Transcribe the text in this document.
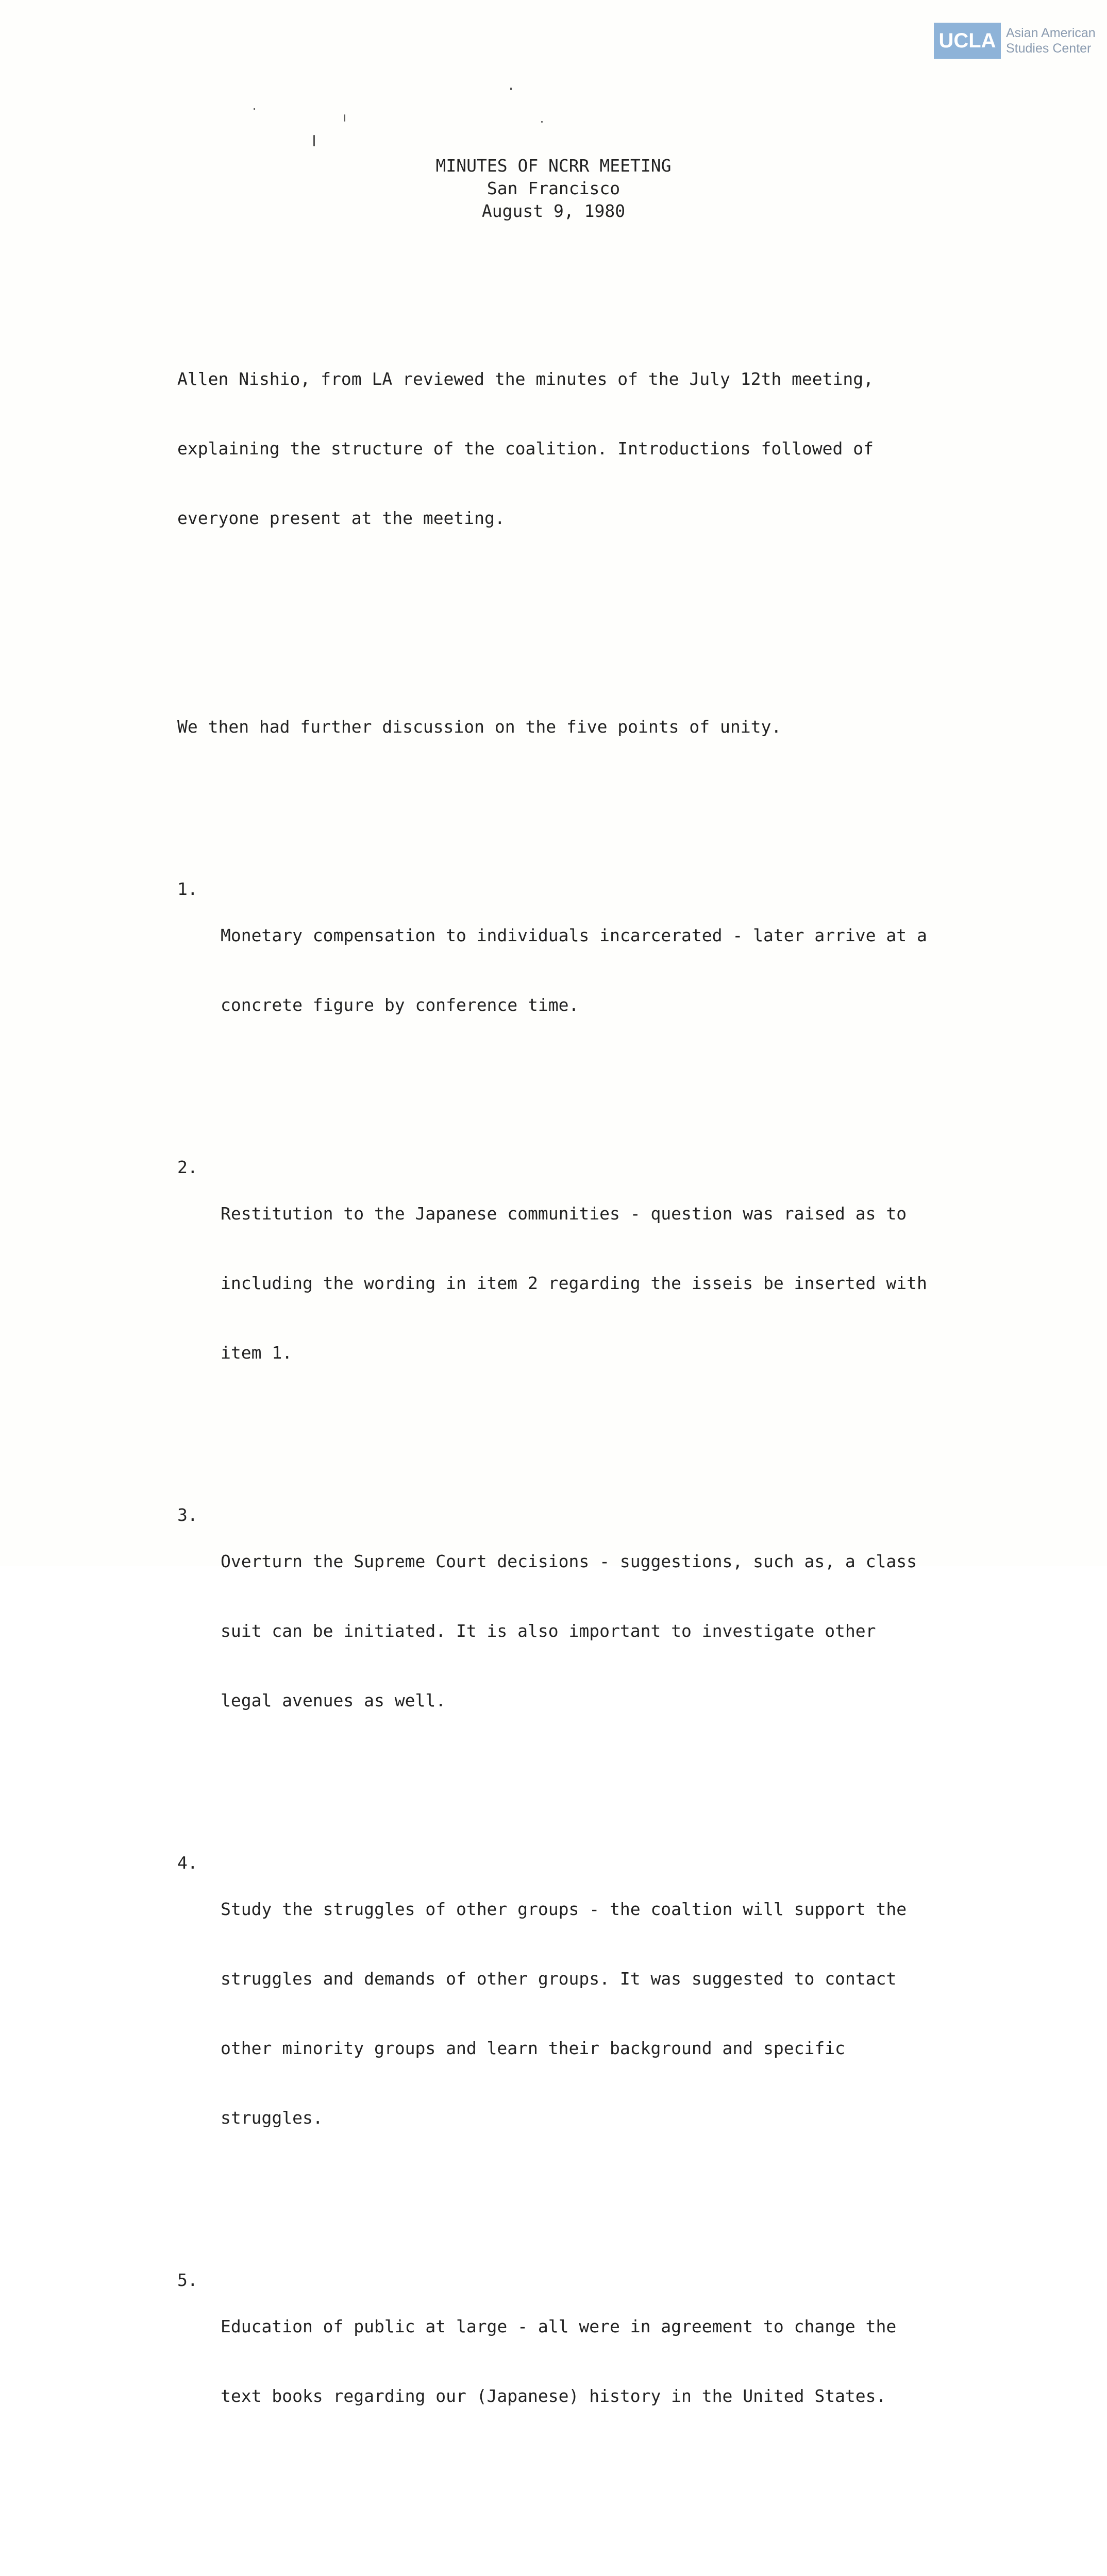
UCLA Asian American
Studies Center
MINUTES OF NCRR MEETING
San Francisco
August 9, 1980

Allen Nishio, from LA reviewed the minutes of the July 12th meeting,

explaining the structure of the coalition. Introductions followed of

everyone present at the meeting.

We then had further discussion on the five points of unity.

1.

Monetary compensation to individuals incarcerated - later arrive at a

concrete figure by conference time.

2.

Restitution to the Japanese communities - question was raised as to

including the wording in item 2 regarding the isseis be inserted with

item 1.

3.

Overturn the Supreme Court decisions - suggestions, such as, a class

suit can be initiated. It is also important to investigate other

legal avenues as well.

4.

Study the struggles of other groups - the coaltion will support the

struggles and demands of other groups. It was suggested to contact

other minority groups and learn their background and specific

struggles.

5.

Education of public at large - all were in agreement to change the

text books regarding our (Japanese) history in the United States.
